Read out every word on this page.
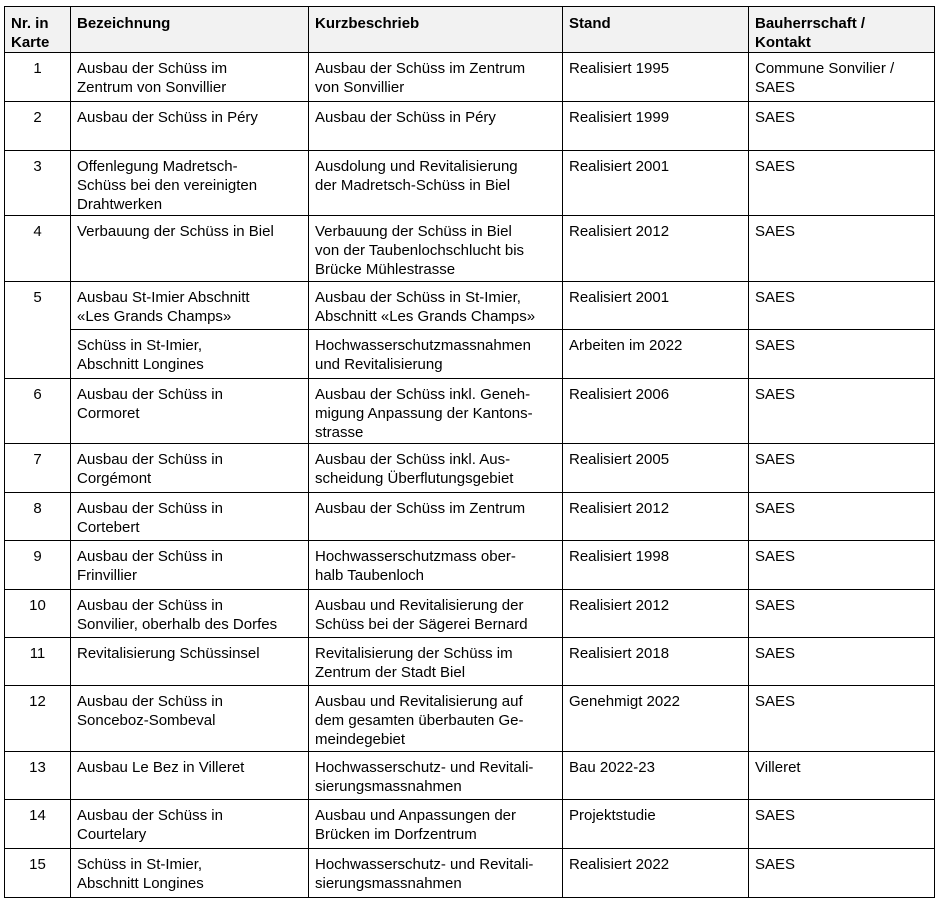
Nr. in
Karte	Bezeichnung	Kurzbeschrieb	Stand	Bauherrschaft /
Kontakt
1	Ausbau der Schüss im
Zentrum von Sonvillier	Ausbau der Schüss im Zentrum
von Sonvillier	Realisiert 1995	Commune Sonvilier /
SAES
2	Ausbau der Schüss in Péry	Ausbau der Schüss in Péry	Realisiert 1999	SAES
3	Offenlegung Madretsch-
Schüss bei den vereinigten
Drahtwerken	Ausdolung und Revitalisierung
der Madretsch-Schüss in Biel	Realisiert 2001	SAES
4	Verbauung der Schüss in Biel	Verbauung der Schüss in Biel
von der Taubenlochschlucht bis
Brücke Mühlestrasse	Realisiert 2012	SAES
5	Ausbau St-Imier Abschnitt
«Les Grands Champs»	Ausbau der Schüss in St-Imier,
Abschnitt «Les Grands Champs»	Realisiert 2001	SAES
	Schüss in St-Imier,
Abschnitt Longines	Hochwasserschutzmassnahmen
und Revitalisierung	Arbeiten im 2022	SAES
6	Ausbau der Schüss in
Cormoret	Ausbau der Schüss inkl. Geneh-
migung Anpassung der Kantons-
strasse	Realisiert 2006	SAES
7	Ausbau der Schüss in
Corgémont	Ausbau der Schüss inkl. Aus-
scheidung Überflutungsgebiet	Realisiert 2005	SAES
8	Ausbau der Schüss in
Cortebert	Ausbau der Schüss im Zentrum	Realisiert 2012	SAES
9	Ausbau der Schüss in
Frinvillier	Hochwasserschutzmass ober-
halb Taubenloch	Realisiert 1998	SAES
10	Ausbau der Schüss in
Sonvilier, oberhalb des Dorfes	Ausbau und Revitalisierung der
Schüss bei der Sägerei Bernard	Realisiert 2012	SAES
11	Revitalisierung Schüssinsel	Revitalisierung der Schüss im
Zentrum der Stadt Biel	Realisiert 2018	SAES
12	Ausbau der Schüss in
Sonceboz-Sombeval	Ausbau und Revitalisierung auf
dem gesamten überbauten Ge-
meindegebiet	Genehmigt 2022	SAES
13	Ausbau Le Bez in Villeret	Hochwasserschutz- und Revitali-
sierungsmassnahmen	Bau 2022-23	Villeret
14	Ausbau der Schüss in
Courtelary	Ausbau und Anpassungen der
Brücken im Dorfzentrum	Projektstudie	SAES
15	Schüss in St-Imier,
Abschnitt Longines	Hochwasserschutz- und Revitali-
sierungsmassnahmen	Realisiert 2022	SAES
